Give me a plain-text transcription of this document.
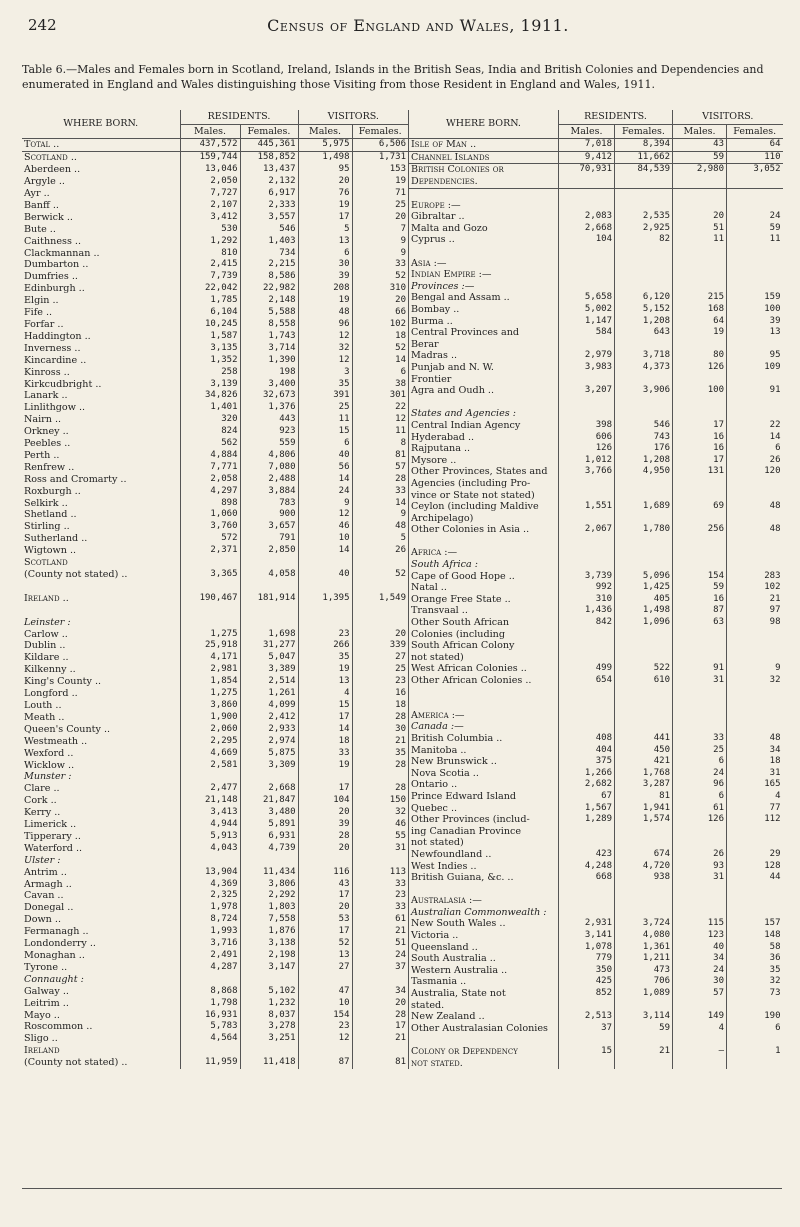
242	Census of England and Wales, 1911.
Table 6.—Males and Females born in Scotland, Ireland, Islands in the British Seas, India and British Colonies and Dependencies and enumerated in England and Wales distinguishing those Visiting from those Resident in England and Wales, 1911.
WHERE BORN.	RESIDENTS.		VISITORS.	
	Males.	Females.	Males.	Females.
Total ..	437,572	445,361	5,975	6,506
Scotland ..	159,744	158,852	1,498	1,731
Aberdeen ..	13,046	13,437	95	153
Argyle ..	2,050	2,132	20	19
Ayr ..	7,727	6,917	76	71
Banff ..	2,107	2,333	19	25
Berwick ..	3,412	3,557	17	20
Bute ..	530	546	5	7
Caithness ..	1,292	1,403	13	9
Clackmannan ..	810	734	6	9
Dumbarton ..	2,415	2,215	30	33
Dumfries ..	7,739	8,586	39	52
Edinburgh ..	22,042	22,982	208	310
Elgin ..	1,785	2,148	19	20
Fife ..	6,104	5,588	48	66
Forfar ..	10,245	8,558	96	102
Haddington ..	1,587	1,743	12	18
Inverness ..	3,135	3,714	32	52
Kincardine ..	1,352	1,390	12	14
Kinross ..	258	198	3	6
Kirkcudbright ..	3,139	3,400	35	38
Lanark ..	34,826	32,673	391	301
Linlithgow ..	1,401	1,376	25	22
Nairn ..	320	443	11	12
Orkney ..	824	923	15	11
Peebles ..	562	559	6	8
Perth ..	4,884	4,806	40	81
Renfrew ..	7,771	7,080	56	57
Ross and Cromarty ..	2,058	2,488	14	28
Roxburgh ..	4,297	3,884	24	33
Selkirk ..	898	783	9	14
Shetland ..	1,060	900	12	9
Stirling ..	3,760	3,657	46	48
Sutherland ..	572	791	10	5
Wigtown ..	2,371	2,850	14	26
Scotland				
(County not stated) ..	3,365	4,058	40	52

Ireland ..	190,467	181,914	1,395	1,549

Leinster :				
Carlow ..	1,275	1,698	23	20
Dublin ..	25,918	31,277	266	339
Kildare ..	4,171	5,047	35	27
Kilkenny ..	2,981	3,389	19	25
King's County ..	1,854	2,514	13	23
Longford ..	1,275	1,261	4	16
Louth ..	3,860	4,099	15	18
Meath ..	1,900	2,412	17	28
Queen's County ..	2,060	2,933	14	30
Westmeath ..	2,295	2,974	18	21
Wexford ..	4,669	5,875	33	35
Wicklow ..	2,581	3,309	19	28
Munster :				
Clare ..	2,477	2,668	17	28
Cork ..	21,148	21,847	104	150
Kerry ..	3,413	3,480	20	32
Limerick ..	4,944	5,891	39	46
Tipperary ..	5,913	6,931	28	55
Waterford ..	4,043	4,739	20	31
Ulster :				
Antrim ..	13,904	11,434	116	113
Armagh ..	4,369	3,806	43	33
Cavan ..	2,325	2,292	17	23
Donegal ..	1,978	1,803	20	33
Down ..	8,724	7,558	53	61
Fermanagh ..	1,993	1,876	17	21
Londonderry ..	3,716	3,138	52	51
Monaghan ..	2,491	2,198	13	24
Tyrone ..	4,287	3,147	27	37
Connaught :				
Galway ..	8,868	5,102	47	34
Leitrim ..	1,798	1,232	10	20
Mayo ..	16,931	8,037	154	28
Roscommon ..	5,783	3,278	23	17
Sligo ..	4,564	3,251	12	21
Ireland				
(County not stated) ..	11,959	11,418	87	81
WHERE BORN.	RESIDENTS.		VISITORS.	
	Males.	Females.	Males.	Females.
Isle of Man ..	7,018	8,394	43	64
Channel Islands	9,412	11,662	59	110
British Colonies or	70,931	84,539	2,980	3,052
Dependencies.				

Europe :—				
Gibraltar ..	2,083	2,535	20	24
Malta and Gozo	2,668	2,925	51	59
Cyprus ..	104	82	11	11

Asia :—				
Indian Empire :—				
Provinces :—				
Bengal and Assam ..	5,658	6,120	215	159
Bombay ..	5,002	5,152	168	100
Burma ..	1,147	1,208	64	39
Central Provinces and	584	643	19	13
Berar				
Madras ..	2,979	3,718	80	95
Punjab and N. W.	3,983	4,373	126	109
Frontier				
Agra and Oudh ..	3,207	3,906	100	91

States and Agencies :				
Central Indian Agency	398	546	17	22
Hyderabad ..	606	743	16	14
Rajputana ..	126	176	16	6
Mysore ..	1,012	1,208	17	26
Other Provinces, States and	3,766	4,950	131	120
Agencies (including Pro-				
vince or State not stated)				
Ceylon (including Maldive	1,551	1,689	69	48
Archipelago)				
Other Colonies in Asia ..	2,067	1,780	256	48

Africa :—				
South Africa :				
Cape of Good Hope ..	3,739	5,096	154	283
Natal ..	992	1,425	59	102
Orange Free State ..	310	405	16	21
Transvaal ..	1,436	1,498	87	97
Other South African	842	1,096	63	98
Colonies (including				
South African Colony				
not stated)				
West African Colonies ..	499	522	91	9
Other African Colonies ..	654	610	31	32

America :—				
Canada :—				
British Columbia ..	408	441	33	48
Manitoba ..	404	450	25	34
New Brunswick ..	375	421	6	18
Nova Scotia ..	1,266	1,768	24	31
Ontario ..	2,682	3,287	96	165
Prince Edward Island	67	81	6	4
Quebec ..	1,567	1,941	61	77
Other Provinces (includ-	1,289	1,574	126	112
ing Canadian Province				
not stated)				
Newfoundland ..	423	674	26	29
West Indies ..	4,248	4,720	93	128
British Guiana, &c. ..	668	938	31	44

Australasia :—				
Australian Commonwealth :				
New South Wales ..	2,931	3,724	115	157
Victoria ..	3,141	4,080	123	148
Queensland ..	1,078	1,361	40	58
South Australia ..	779	1,211	34	36
Western Australia ..	350	473	24	35
Tasmania ..	425	706	30	32
Australia, State not	852	1,089	57	73
stated.				
New Zealand ..	2,513	3,114	149	190
Other Australasian Colonies	37	59	4	6

Colony or Dependency	15	21	–	1
not stated.				
